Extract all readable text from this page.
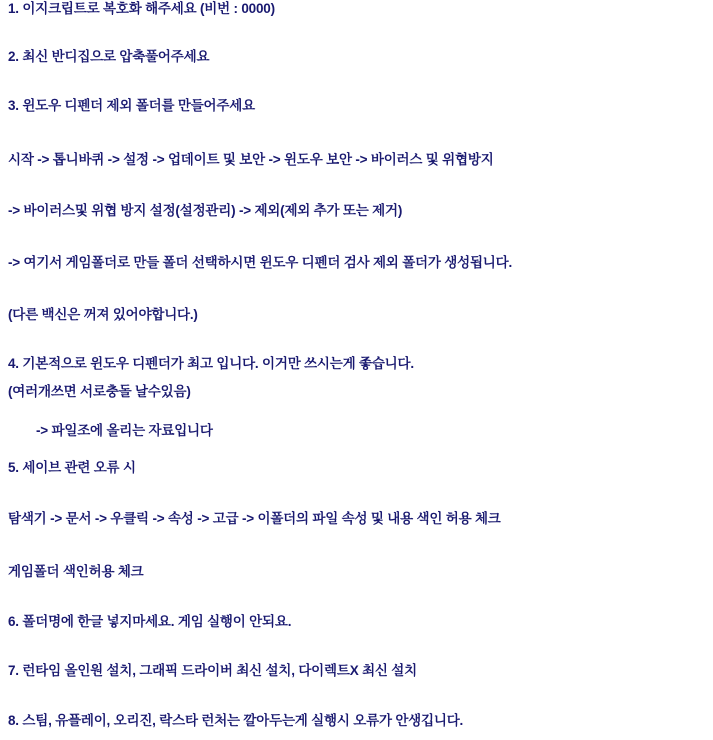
1. 이지크립트로 복호화 해주세요 (비번 : 0000)
2. 최신 반디집으로 압축풀어주세요
3. 윈도우 디펜더 제외 폴더를 만들어주세요
시작 -> 톱니바퀴 -> 설정 -> 업데이트 및 보안 -> 윈도우 보안 -> 바이러스 및 위협방지
-> 바이러스및 위협 방지 설정(설정관리) -> 제외(제외 추가 또는 제거)
-> 여기서 게임폴더로 만들 폴더 선택하시면 윈도우 디펜더 검사 제외 폴더가 생성됩니다.
(다른 백신은 꺼져 있어야합니다.)
4. 기본적으로 윈도우 디펜더가 최고 입니다. 이거만 쓰시는게 좋습니다.
(여러개쓰면 서로충돌 날수있음)
-> 파일조에 올리는 자료입니다
5. 세이브 관련 오류 시
탐색기 -> 문서 -> 우클릭 -> 속성 -> 고급 -> 이폴더의 파일 속성 및 내용 색인 허용 체크
게임폴더 색인허용 체크
6. 폴더명에 한글 넣지마세요. 게임 실행이 안되요.
7. 런타임 올인원 설치, 그래픽 드라이버 최신 설치, 다이렉트X 최신 설치
8. 스팀, 유플레이, 오리진, 락스타 런처는 깔아두는게 실행시 오류가 안생깁니다.
